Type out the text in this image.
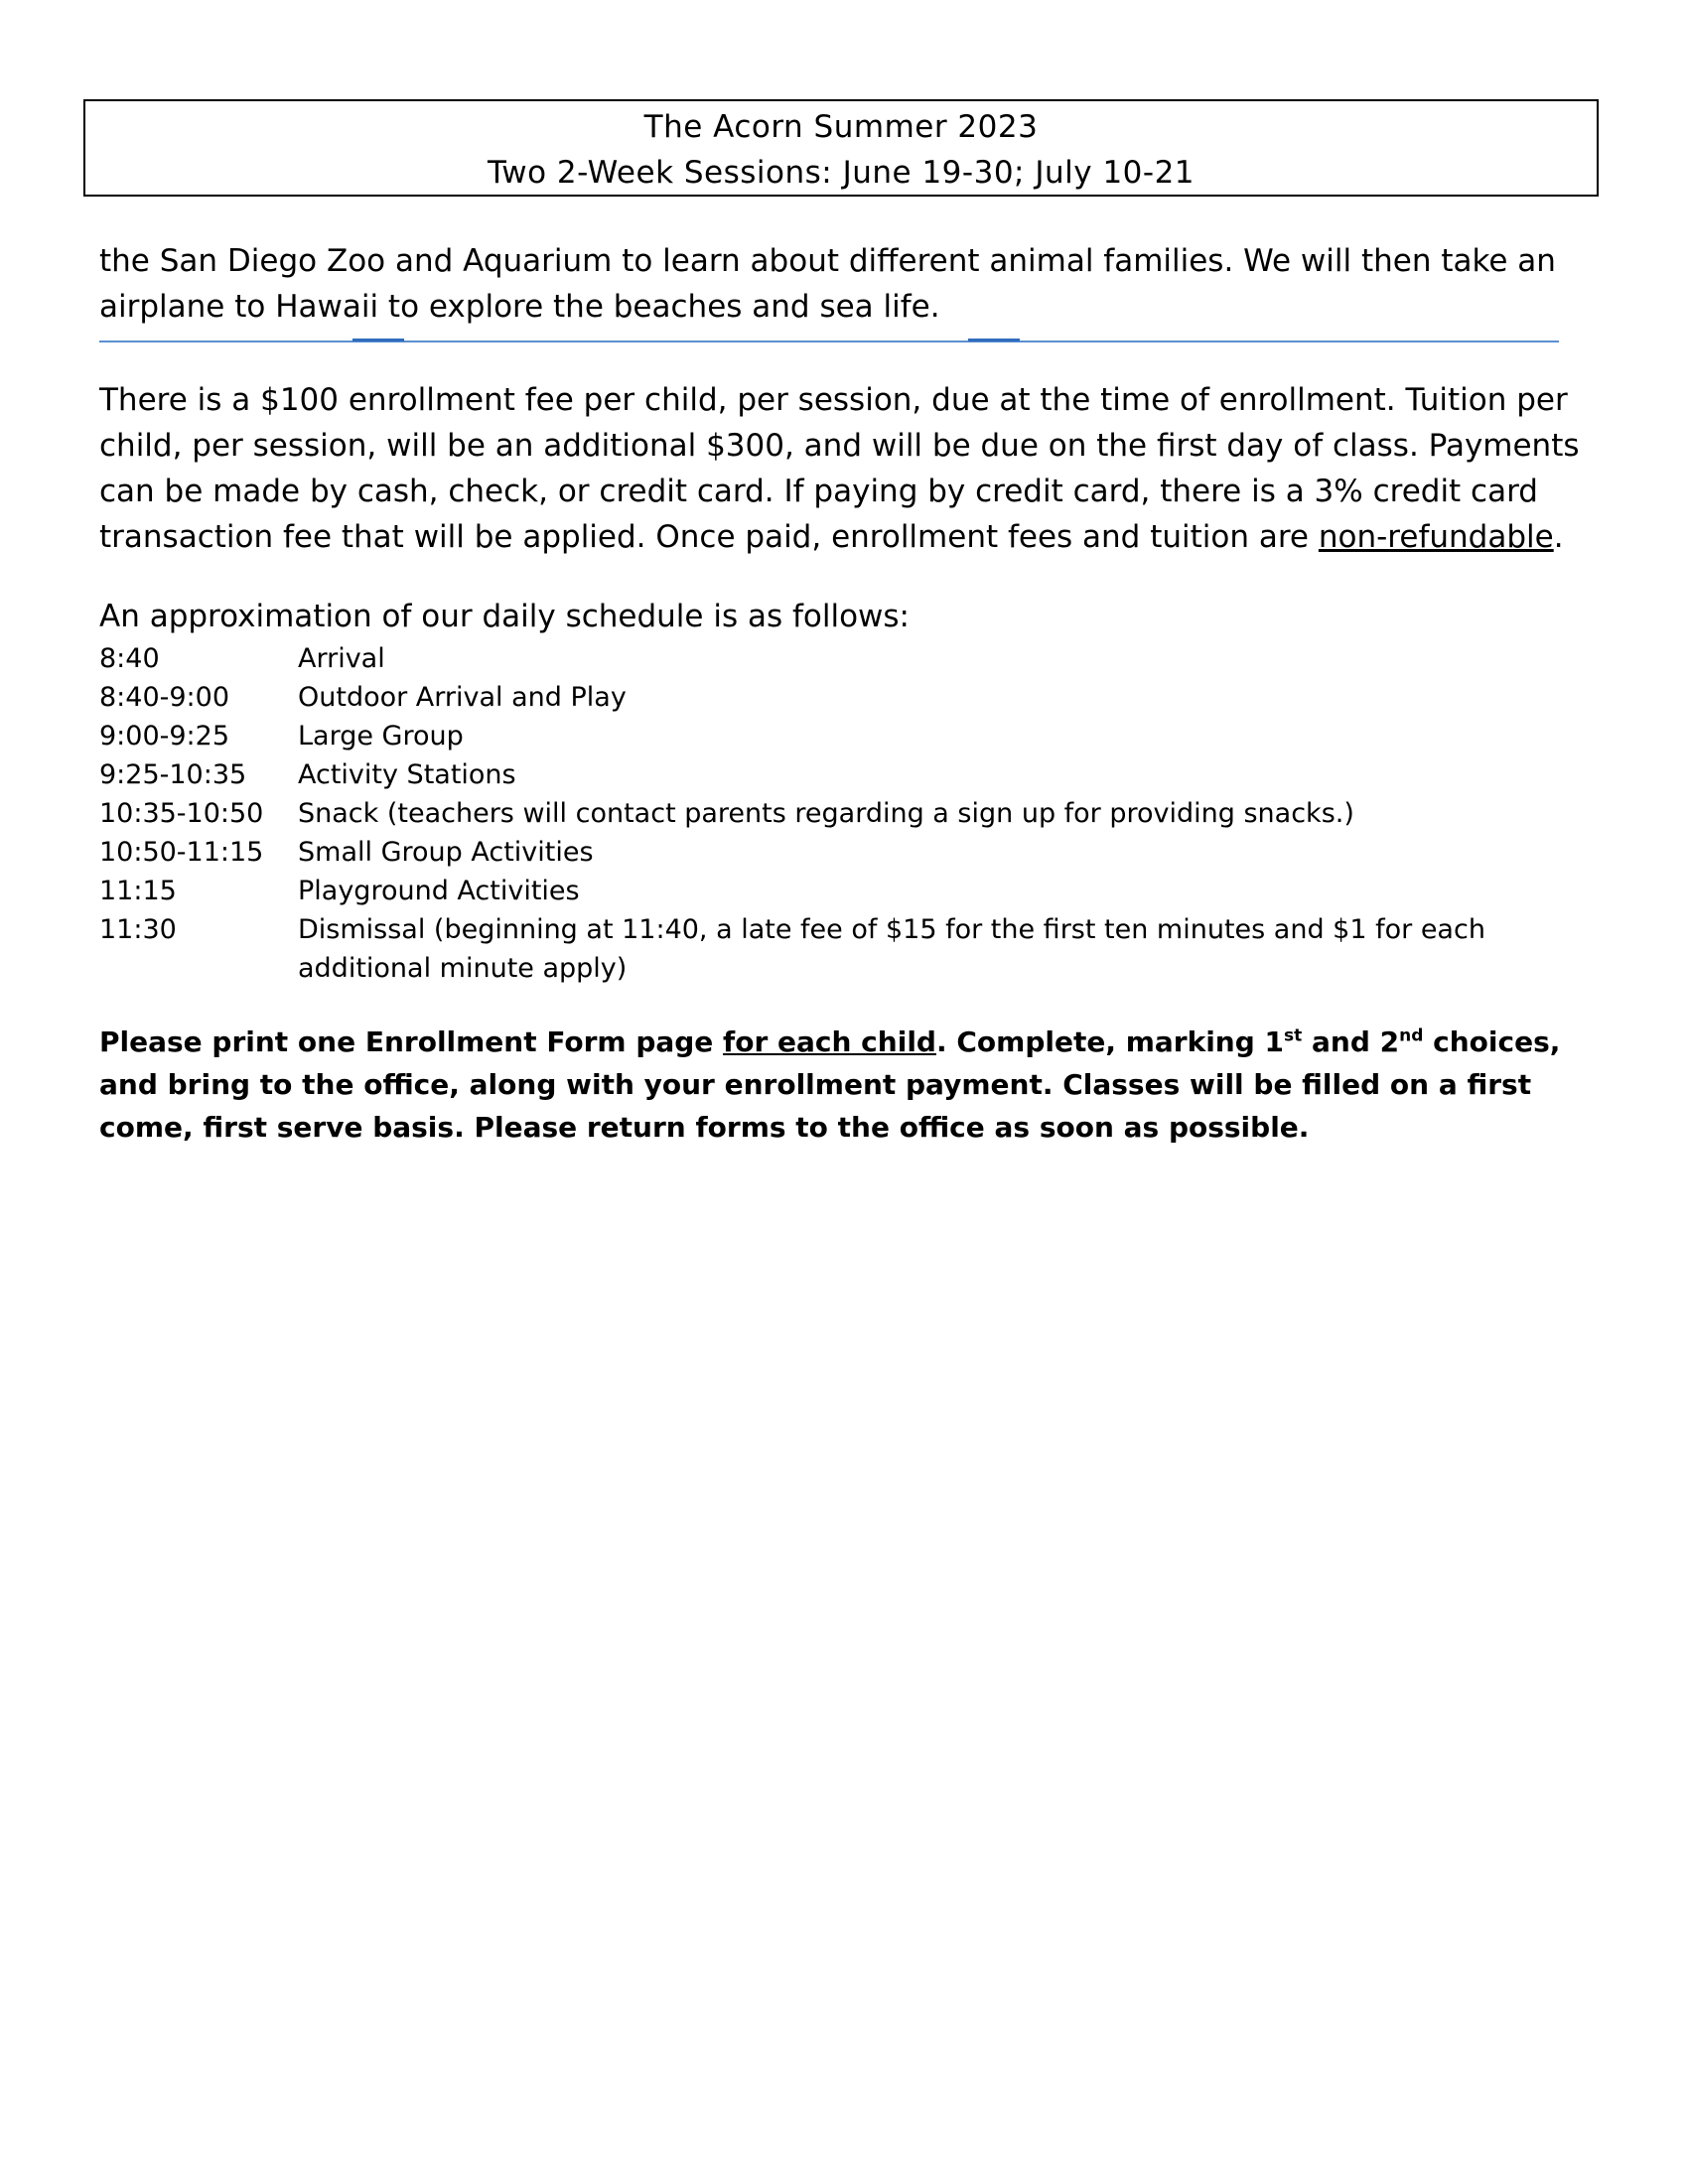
The Acorn Summer 2023
Two 2-Week Sessions: June 19-30; July 10-21
the San Diego Zoo and Aquarium to learn about different animal families. We will then take an airplane to Hawaii to explore the beaches and sea life.
There is a $100 enrollment fee per child, per session, due at the time of enrollment. Tuition per child, per session, will be an additional $300, and will be due on the first day of class. Payments can be made by cash, check, or credit card. If paying by credit card, there is a 3% credit card transaction fee that will be applied. Once paid, enrollment fees and tuition are non-refundable.
An approximation of our daily schedule is as follows:
8:40	Arrival
8:40-9:00	Outdoor Arrival and Play
9:00-9:25	Large Group
9:25-10:35	Activity Stations
10:35-10:50	Snack (teachers will contact parents regarding a sign up for providing snacks.)
10:50-11:15	Small Group Activities
11:15	Playground Activities
11:30	Dismissal (beginning at 11:40, a late fee of $15 for the first ten minutes and $1 for each additional minute apply)
Please print one Enrollment Form page for each child. Complete, marking 1st and 2nd choices, and bring to the office, along with your enrollment payment. Classes will be filled on a first come, first serve basis. Please return forms to the office as soon as possible.
